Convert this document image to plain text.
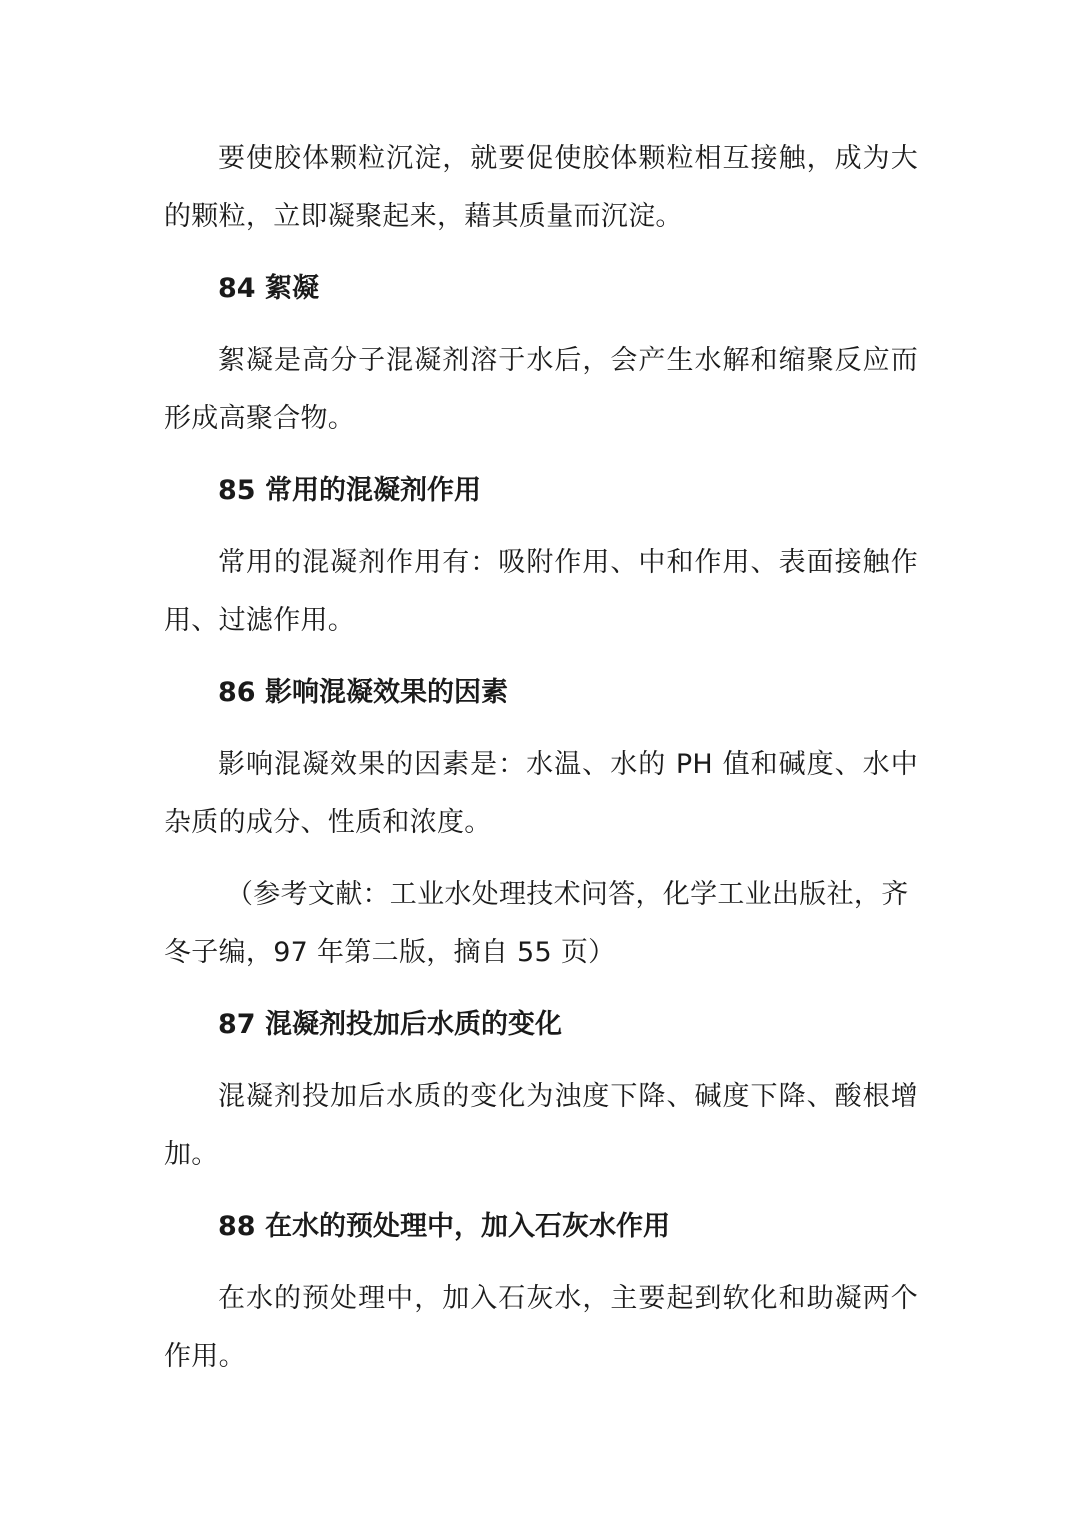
要使胶体颗粒沉淀，就要促使胶体颗粒相互接触，成为大的颗粒，立即凝聚起来，藉其质量而沉淀。

84 絮凝

絮凝是高分子混凝剂溶于水后，会产生水解和缩聚反应而形成高聚合物。

85 常用的混凝剂作用

常用的混凝剂作用有：吸附作用、中和作用、表面接触作用、过滤作用。

86 影响混凝效果的因素

影响混凝效果的因素是：水温、水的 PH 值和碱度、水中杂质的成分、性质和浓度。

（参考文献：工业水处理技术问答，化学工业出版社，齐冬子编，97 年第二版，摘自 55 页）

87 混凝剂投加后水质的变化

混凝剂投加后水质的变化为浊度下降、碱度下降、酸根增加。

88 在水的预处理中，加入石灰水作用

在水的预处理中，加入石灰水，主要起到软化和助凝两个作用。
